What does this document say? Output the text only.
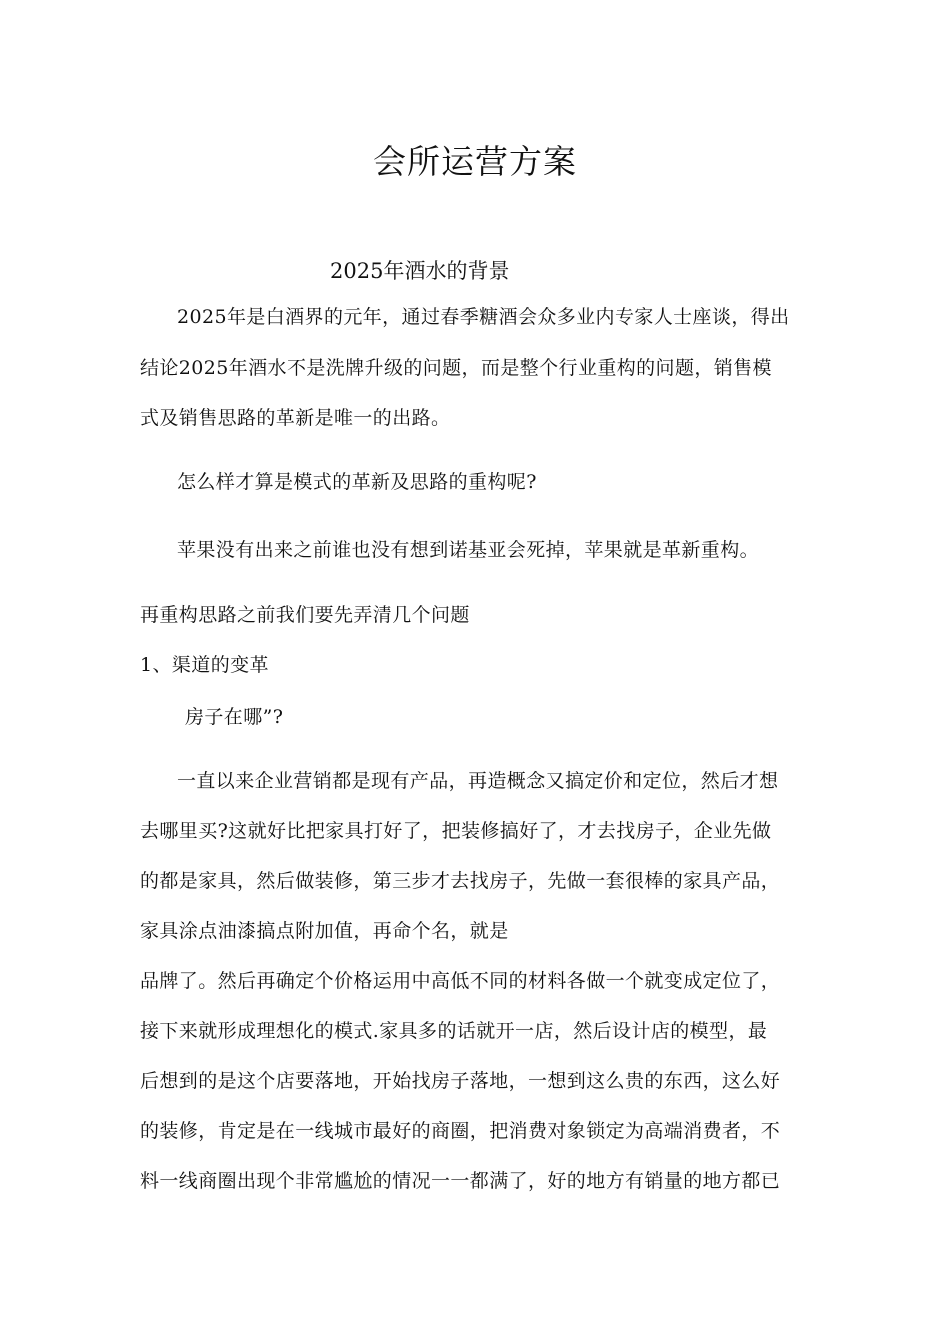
会所运营方案
2025年酒水的背景
2025年是白酒界的元年，通过春季糖酒会众多业内专家人士座谈，得出
结论2025年酒水不是洗牌升级的问题，而是整个行业重构的问题，销售模
式及销售思路的革新是唯一的出路。
怎么样才算是模式的革新及思路的重构呢?
苹果没有出来之前谁也没有想到诺基亚会死掉，苹果就是革新重构。
再重构思路之前我们要先弄清几个问题
1、渠道的变革
房子在哪”?
一直以来企业营销都是现有产品，再造概念又搞定价和定位，然后才想
去哪里买?这就好比把家具打好了，把装修搞好了，才去找房子，企业先做
的都是家具，然后做装修，第三步才去找房子，先做一套很棒的家具产品，
家具涂点油漆搞点附加值，再命个名，就是
品牌了。然后再确定个价格运用中高低不同的材料各做一个就变成定位了，
接下来就形成理想化的模式.家具多的话就开一店，然后设计店的模型，最
后想到的是这个店要落地，开始找房子落地，一想到这么贵的东西，这么好
的装修，肯定是在一线城市最好的商圈，把消费对象锁定为高端消费者，不
料一线商圈出现个非常尴尬的情况一一都满了，好的地方有销量的地方都已
